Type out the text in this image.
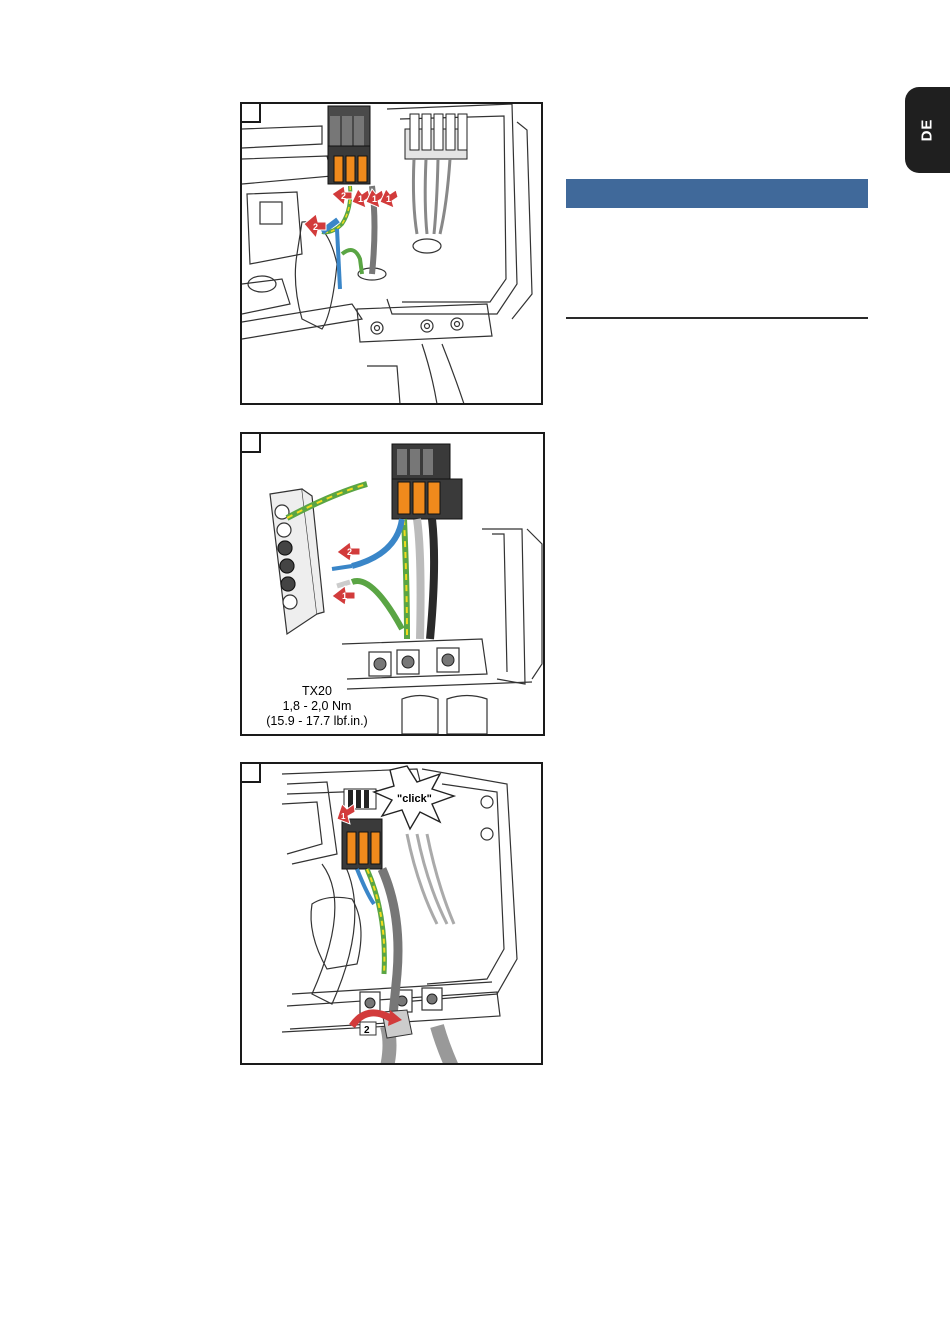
DE
2
2 1 1 1
2
1
TX20
1,8 - 2,0 Nm
(15.9 - 17.7 lbf.in.)
"click"
1
2
